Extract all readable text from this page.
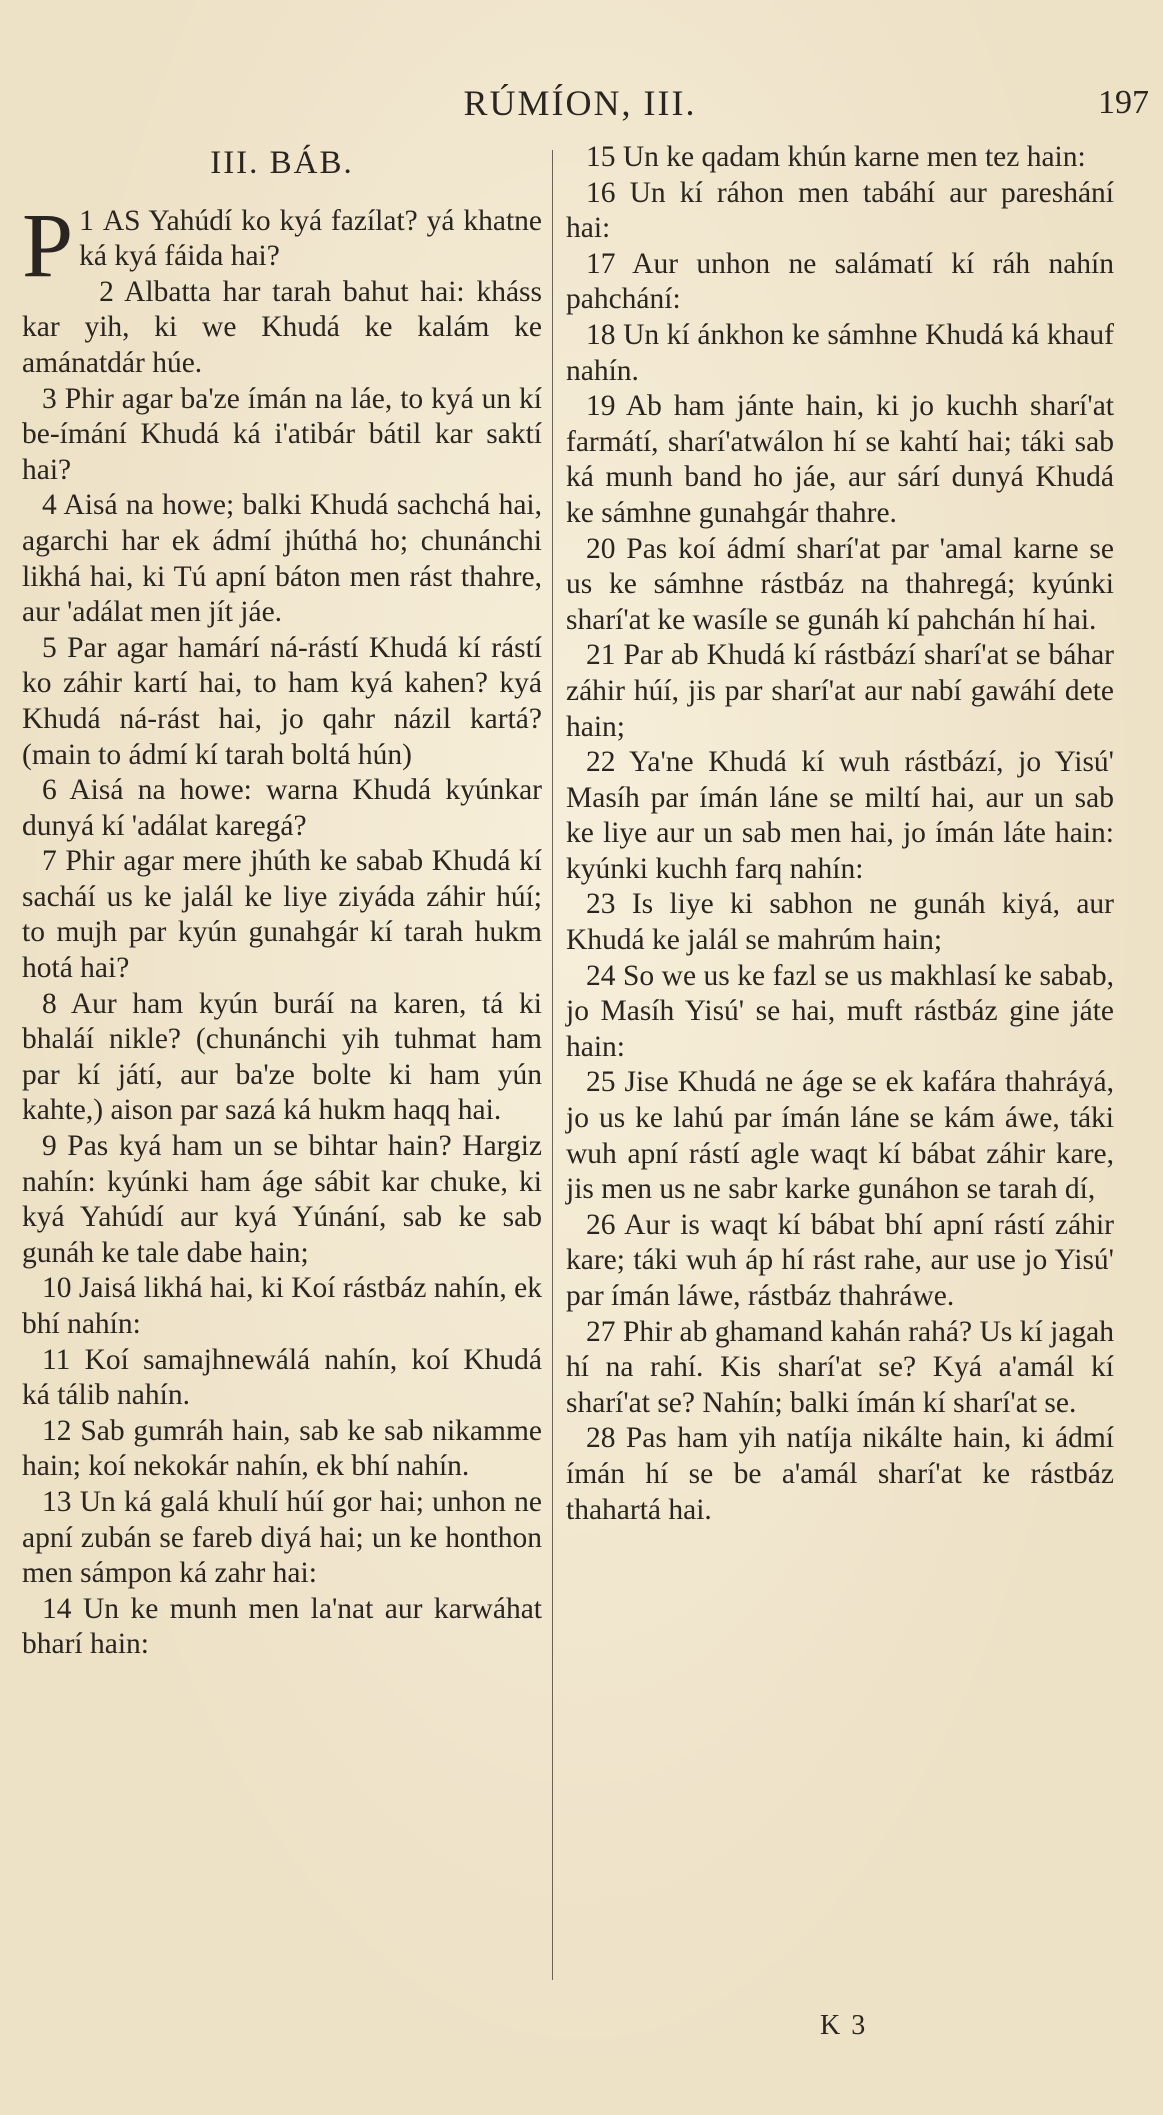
RÚMÍON, III.	197
III. BÁB.

1
P AS Yahúdí ko kyá fazílat? yá khatne ká kyá fáida hai?

2 Albatta har tarah bahut hai: kháss kar yih, ki we Khudá ke kalám ke amánatdár húe.

3 Phir agar ba'ze ímán na láe, to kyá un kí be-ímání Khudá ká i'atibár bátil kar saktí hai?

4 Aisá na howe; balki Khudá sachchá hai, agarchi har ek ádmí jhúthá ho; chunánchi likhá hai, ki Tú apní báton men rást thahre, aur 'adálat men jít jáe.

5 Par agar hamárí ná-rástí Khudá kí rástí ko záhir kartí hai, to ham kyá kahen? kyá Khudá ná-rást hai, jo qahr názil kartá? (main to ádmí kí tarah boltá hún)

6 Aisá na howe: warna Khudá kyúnkar dunyá kí 'adálat karegá?

7 Phir agar mere jhúth ke sabab Khudá kí sacháí us ke jalál ke liye ziyáda záhir húí; to mujh par kyún gunahgár kí tarah hukm hotá hai?

8 Aur ham kyún buráí na karen, tá ki bhaláí nikle? (chunánchi yih tuhmat ham par kí játí, aur ba'ze bolte ki ham yún kahte,) aison par sazá ká hukm haqq hai.

9 Pas kyá ham un se bihtar hain? Hargiz nahín: kyúnki ham áge sábit kar chuke, ki kyá Yahúdí aur kyá Yúnání, sab ke sab gunáh ke tale dabe hain;

10 Jaisá likhá hai, ki Koí rástbáz nahín, ek bhí nahín:

11 Koí samajhnewálá nahín, koí Khudá ká tálib nahín.

12 Sab gumráh hain, sab ke sab nikamme hain; koí nekokár nahín, ek bhí nahín.

13 Un ká galá khulí húí gor hai; unhon ne apní zubán se fareb diyá hai; un ke honthon men sámpon ká zahr hai:

14 Un ke munh men la'nat aur karwáhat bharí hain:

15 Un ke qadam khún karne men tez hain:

16 Un kí ráhon men tabáhí aur pareshání hai:

17 Aur unhon ne salámatí kí ráh nahín pahchání:

18 Un kí ánkhon ke sámhne Khudá ká khauf nahín.

19 Ab ham jánte hain, ki jo kuchh sharí'at farmátí, sharí'atwálon hí se kahtí hai; táki sab ká munh band ho jáe, aur sárí dunyá Khudá ke sámhne gunahgár thahre.

20 Pas koí ádmí sharí'at par 'amal karne se us ke sámhne rástbáz na thahregá; kyúnki sharí'at ke wasíle se gunáh kí pahchán hí hai.

21 Par ab Khudá kí rástbází sharí'at se báhar záhir húí, jis par sharí'at aur nabí gawáhí dete hain;

22 Ya'ne Khudá kí wuh rástbází, jo Yisú' Masíh par ímán láne se miltí hai, aur un sab ke liye aur un sab men hai, jo ímán láte hain: kyúnki kuchh farq nahín:

23 Is liye ki sabhon ne gunáh kiyá, aur Khudá ke jalál se mahrúm hain;

24 So we us ke fazl se us makhlasí ke sabab, jo Masíh Yisú' se hai, muft rástbáz gine játe hain:

25 Jise Khudá ne áge se ek kafára thahráyá, jo us ke lahú par ímán láne se kám áwe, táki wuh apní rástí agle waqt kí bábat záhir kare, jis men us ne sabr karke gunáhon se tarah dí,

26 Aur is waqt kí bábat bhí apní rástí záhir kare; táki wuh áp hí rást rahe, aur use jo Yisú' par ímán láwe, rástbáz thahráwe.

27 Phir ab ghamand kahán rahá? Us kí jagah hí na rahí. Kis sharí'at se? Kyá a'amál kí sharí'at se? Nahín; balki ímán kí sharí'at se.

28 Pas ham yih natíja nikálte hain, ki ádmí ímán hí se be a'amál sharí'at ke rástbáz thahartá hai.

K 3
